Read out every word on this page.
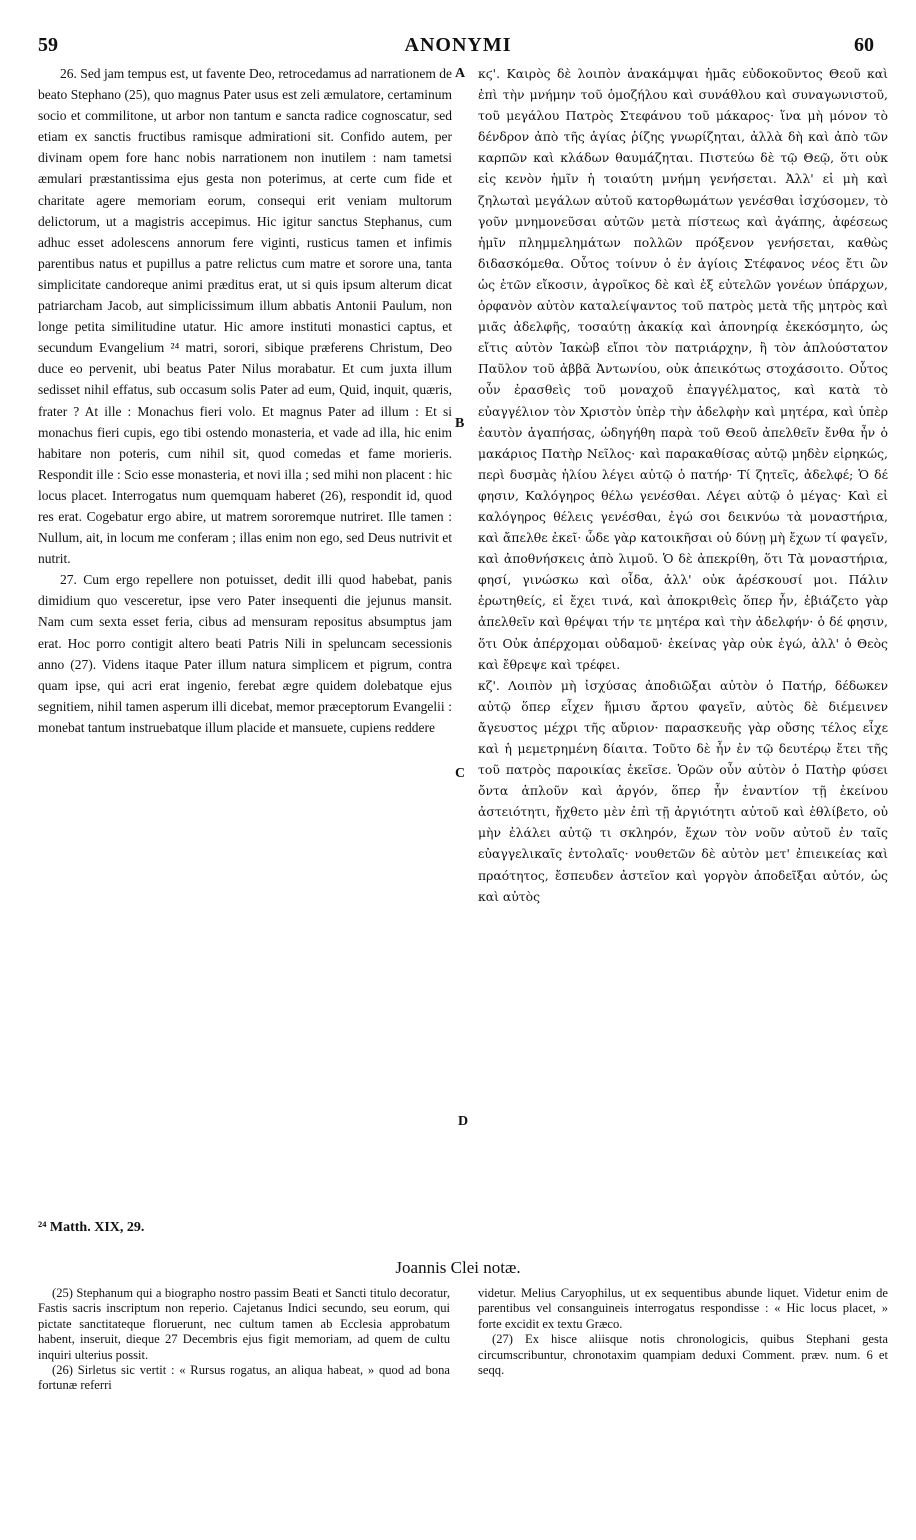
59	ANONYMI	60

26. Sed jam tempus est, ut favente Deo, retrocedamus ad narrationem de beato Stephano (25), quo magnus Pater usus est zeli æmulatore, certaminum socio et commilitone, ut arbor non tantum e sancta radice cognoscatur, sed etiam ex sanctis fructibus ramisque admirationi sit. Confido autem, per divinam opem fore hanc nobis narrationem non inutilem : nam tametsi æmulari præstantissima ejus gesta non poterimus, at certe cum fide et charitate agere memoriam eorum, consequi erit veniam multorum delictorum, ut a magistris accepimus. Hic igitur sanctus Stephanus, cum adhuc esset adolescens annorum fere viginti, rusticus tamen et infimis parentibus natus et pupillus a patre relictus cum matre et sorore una, tanta simplicitate candoreque animi præditus erat, ut si quis ipsum alterum dicat patriarcham Jacob, aut simplicissimum illum abbatis Antonii Paulum, non longe petita similitudine utatur. Hic amore instituti monastici captus, et secundum Evangelium ²⁴ matri, sorori, sibique præferens Christum, Deo duce eo pervenit, ubi beatus Pater Nilus morabatur. Et cum juxta illum sedisset nihil effatus, sub occasum solis Pater ad eum, Quid, inquit, quæris, frater ? At ille : Monachus fieri volo. Et magnus Pater ad illum : Et si monachus fieri cupis, ego tibi ostendo monasteria, et vade ad illa, hic enim habitare non poteris, cum nihil sit, quod comedas et fame morieris. Respondit ille : Scio esse monasteria, et novi illa ; sed mihi non placent : hic locus placet. Interrogatus num quemquam haberet (26), respondit id, quod res erat. Cogebatur ergo abire, ut matrem sororemque nutriret. Ille tamen : Nullum, ait, in locum me conferam ; illas enim non ego, sed Deus nutrivit et nutrit.

27. Cum ergo repellere non potuisset, dedit illi quod habebat, panis dimidium quo vesceretur, ipse vero Pater insequenti die jejunus mansit. Nam cum sexta esset feria, cibus ad mensuram repositus absumptus jam erat. Hoc porro contigit altero beati Patris Nili in speluncam secessionis anno (27). Videns itaque Pater illum natura simplicem et pigrum, contra quam ipse, qui acri erat ingenio, ferebat ægre quidem dolebatque ejus segnitiem, nihil tamen asperum illi dicebat, memor præceptorum Evangelii : monebat tantum instruebatque illum placide et mansuete, cupiens reddere

A
B
C
D

κϛ'. Καιρὸς δὲ λοιπὸν ἀνακάμψαι ἡμᾶς εὐδοκοῦντος Θεοῦ καὶ ἐπὶ τὴν μνήμην τοῦ ὁμοζήλου καὶ συνάθλου καὶ συναγωνιστοῦ, τοῦ μεγάλου Πατρὸς Στεφάνου τοῦ μάκαρος· ἵνα μὴ μόνον τὸ δένδρον ἀπὸ τῆς ἁγίας ῥίζης γνωρίζηται, ἀλλὰ δὴ καὶ ἀπὸ τῶν καρπῶν καὶ κλάδων θαυμάζηται. Πιστεύω δὲ τῷ Θεῷ, ὅτι οὐκ εἰς κενὸν ἡμῖν ἡ τοιαύτη μνήμη γενήσεται. Ἀλλ' εἰ μὴ καὶ ζηλωταὶ μεγάλων αὐτοῦ κατορθωμάτων γενέσθαι ἰσχύσομεν, τὸ γοῦν μνημονεῦσαι αὐτῶν μετὰ πίστεως καὶ ἀγάπης, ἀφέσεως ἡμῖν πλημμελημάτων πολλῶν πρόξενον γενήσεται, καθὼς διδασκόμεθα. Οὗτος τοίνυν ὁ ἐν ἁγίοις Στέφανος νέος ἔτι ὢν ὡς ἐτῶν εἴκοσιν, ἀγροῖκος δὲ καὶ ἐξ εὐτελῶν γονέων ὑπάρχων, ὀρφανὸν αὐτὸν καταλείψαντος τοῦ πατρὸς μετὰ τῆς μητρὸς καὶ μιᾶς ἀδελφῆς, τοσαύτῃ ἀκακίᾳ καὶ ἀπονηρίᾳ ἐκεκόσμητο, ὡς εἴτις αὐτὸν Ἰακὼβ εἴποι τὸν πατριάρχην, ἢ τὸν ἁπλούστατον Παῦλον τοῦ ἀββᾶ Ἀντωνίου, οὐκ ἀπεικότως στοχάσοιτο. Οὗτος οὖν ἐρασθεὶς τοῦ μοναχοῦ ἐπαγγέλματος, καὶ κατὰ τὸ εὐαγγέλιον τὸν Χριστὸν ὑπὲρ τὴν ἀδελφὴν καὶ μητέρα, καὶ ὑπὲρ ἑαυτὸν ἀγαπήσας, ὡδηγήθη παρὰ τοῦ Θεοῦ ἀπελθεῖν ἔνθα ἦν ὁ μακάριος Πατὴρ Νεῖλος· καὶ παρακαθίσας αὐτῷ μηδὲν εἰρηκώς, περὶ δυσμὰς ἡλίου λέγει αὐτῷ ὁ πατήρ· Τί ζητεῖς, ἀδελφέ; Ὁ δέ φησιν, Καλόγηρος θέλω γενέσθαι. Λέγει αὐτῷ ὁ μέγας· Καὶ εἰ καλόγηρος θέλεις γενέσθαι, ἐγώ σοι δεικνύω τὰ μοναστήρια, καὶ ἄπελθε ἐκεῖ· ὧδε γὰρ κατοικῆσαι οὐ δύνῃ μὴ ἔχων τί φαγεῖν, καὶ ἀποθνήσκεις ἀπὸ λιμοῦ. Ὁ δὲ ἀπεκρίθη, ὅτι Τὰ μοναστήρια, φησί, γινώσκω καὶ οἶδα, ἀλλ' οὐκ ἀρέσκουσί μοι. Πάλιν ἐρωτηθείς, εἰ ἔχει τινά, καὶ ἀποκριθεὶς ὅπερ ἦν, ἐβιάζετο γὰρ ἀπελθεῖν καὶ θρέψαι τήν τε μητέρα καὶ τὴν ἀδελφήν· ὁ δέ φησιν, ὅτι Οὐκ ἀπέρχομαι οὐδαμοῦ· ἐκείνας γὰρ οὐκ ἐγώ, ἀλλ' ὁ Θεὸς καὶ ἔθρεψε καὶ τρέφει.

κζ'. Λοιπὸν μὴ ἰσχύσας ἀποδιῶξαι αὐτὸν ὁ Πατήρ, δέδωκεν αὐτῷ ὅπερ εἶχεν ἥμισυ ἄρτου φαγεῖν, αὐτὸς δὲ διέμεινεν ἄγευστος μέχρι τῆς αὔριον· παρασκευῆς γὰρ οὔσης τέλος εἶχε καὶ ἡ μεμετρημένη δίαιτα. Τοῦτο δὲ ἦν ἐν τῷ δευτέρῳ ἔτει τῆς τοῦ πατρὸς παροικίας ἐκεῖσε. Ὁρῶν οὖν αὐτὸν ὁ Πατὴρ φύσει ὄντα ἁπλοῦν καὶ ἀργόν, ὅπερ ἦν ἐναντίον τῇ ἐκείνου ἀστειότητι, ἤχθετο μὲν ἐπὶ τῇ ἀργιότητι αὐτοῦ καὶ ἐθλίβετο, οὐ μὴν ἐλάλει αὐτῷ τι σκληρόν, ἔχων τὸν νοῦν αὐτοῦ ἐν ταῖς εὐαγγελικαῖς ἐντολαῖς· νουθετῶν δὲ αὐτὸν μετ' ἐπιεικείας καὶ πραότητος, ἔσπευδεν ἀστεῖον καὶ γοργὸν ἀποδεῖξαι αὐτόν, ὡς καὶ αὐτὸς

²⁴ Matth. XIX, 29.
Joannis Clei notæ.

(25) Stephanum qui a biographo nostro passim Beati et Sancti titulo decoratur, Fastis sacris inscriptum non reperio. Cajetanus Indici secundo, seu eorum, qui pictate sanctitateque floruerunt, nec cultum tamen ab Ecclesia approbatum habent, inseruit, dieque 27 Decembris ejus figit memoriam, ad quem de cultu inquiri ulterius possit.

(26) Sirletus sic vertit : « Rursus rogatus, an aliqua habeat, » quod ad bona fortunæ referri

videtur. Melius Caryophilus, ut ex sequentibus abunde liquet. Videtur enim de parentibus vel consanguineis interrogatus respondisse : « Hic locus placet, » forte excidit ex textu Græco.

(27) Ex hisce aliisque notis chronologicis, quibus Stephani gesta circumscribuntur, chronotaxim quampiam deduxi Comment. præv. num. 6 et seqq.
